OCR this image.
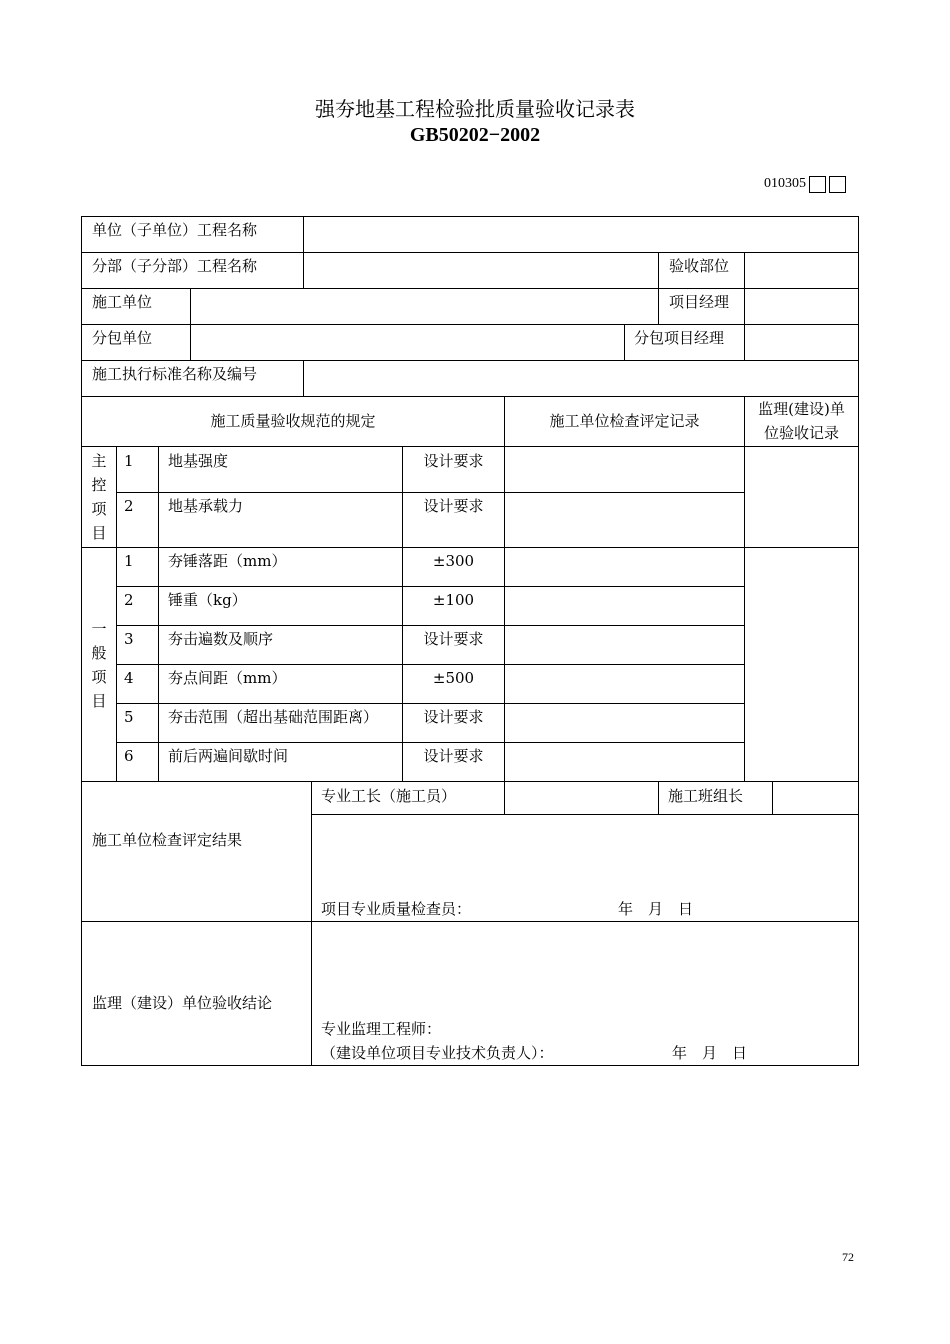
强夯地基工程检验批质量验收记录表
GB50202−2002
010305
单位（子单位）工程名称
分部（子分部）工程名称	验收部位
施工单位	项目经理
分包单位	分包项目经理
施工执行标准名称及编号
施工质量验收规范的规定	施工单位检查评定记录
监理(建设)单
位验收记录
主
控
项
目
1 地基强度	设计要求
2 地基承载力	设计要求
一
般
项
目
1 夯锤落距（mm）	±300
2 锤重（kg）	±100
3 夯击遍数及顺序	设计要求
4 夯点间距（mm）	±500
5 夯击范围（超出基础范围距离）	设计要求
6 前后两遍间歇时间	设计要求
专业工长（施工员）	施工班组长
施工单位检查评定结果
项目专业质量检查员：	年　月　日
监理（建设）单位验收结论
专业监理工程师：
（建设单位项目专业技术负责人）：	年　月　日
72
